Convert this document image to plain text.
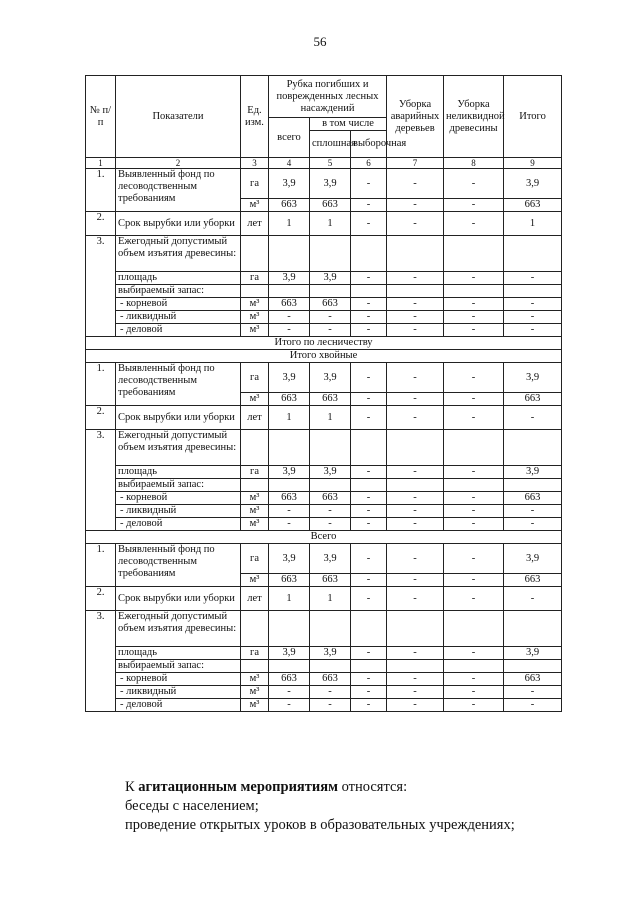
56
№ п/п	Показатели	Ед. изм.	Рубка погибших и поврежденных лесных насаждений			Уборка аварийных деревьев	Уборка неликвидной древесины	Итого
			всего	в том числе				
				сплошная	выборочная			
1	2	3	4	5	6	7	8	9
1.	Выявленный фонд по лесоводственным требованиям	га	3,9	3,9	-	-	-	3,9
		м³	663	663	-	-	-	663
2.	Срок вырубки или уборки	лет	1	1	-	-	-	1
3.	Ежегодный допустимый объем изъятия древесины:							
	площадь	га	3,9	3,9	-	-	-	-
	выбираемый запас:							
	- корневой	м³	663	663	-	-	-	-
	- ликвидный	м³	-	-	-	-	-	-
	- деловой	м³	-	-	-	-	-	-
Итого по лесничеству								
Итого хвойные								
1.	Выявленный фонд по лесоводственным требованиям	га	3,9	3,9	-	-	-	3,9
		м³	663	663	-	-	-	663
2.	Срок вырубки или уборки	лет	1	1	-	-	-	-
3.	Ежегодный допустимый объем изъятия древесины:							
	площадь	га	3,9	3,9	-	-	-	3,9
	выбираемый запас:							
	- корневой	м³	663	663	-	-	-	663
	- ликвидный	м³	-	-	-	-	-	-
	- деловой	м³	-	-	-	-	-	-
Всего								
1.	Выявленный фонд по лесоводственным требованиям	га	3,9	3,9	-	-	-	3,9
		м³	663	663	-	-	-	663
2.	Срок вырубки или уборки	лет	1	1	-	-	-	-
3.	Ежегодный допустимый объем изъятия древесины:							
	площадь	га	3,9	3,9	-	-	-	3,9
	выбираемый запас:							
	- корневой	м³	663	663	-	-	-	663
	- ликвидный	м³	-	-	-	-	-	-
	- деловой	м³	-	-	-	-	-	-

К агитационным мероприятиям относятся:

беседы с населением;

проведение открытых уроков в образовательных учреждениях;
